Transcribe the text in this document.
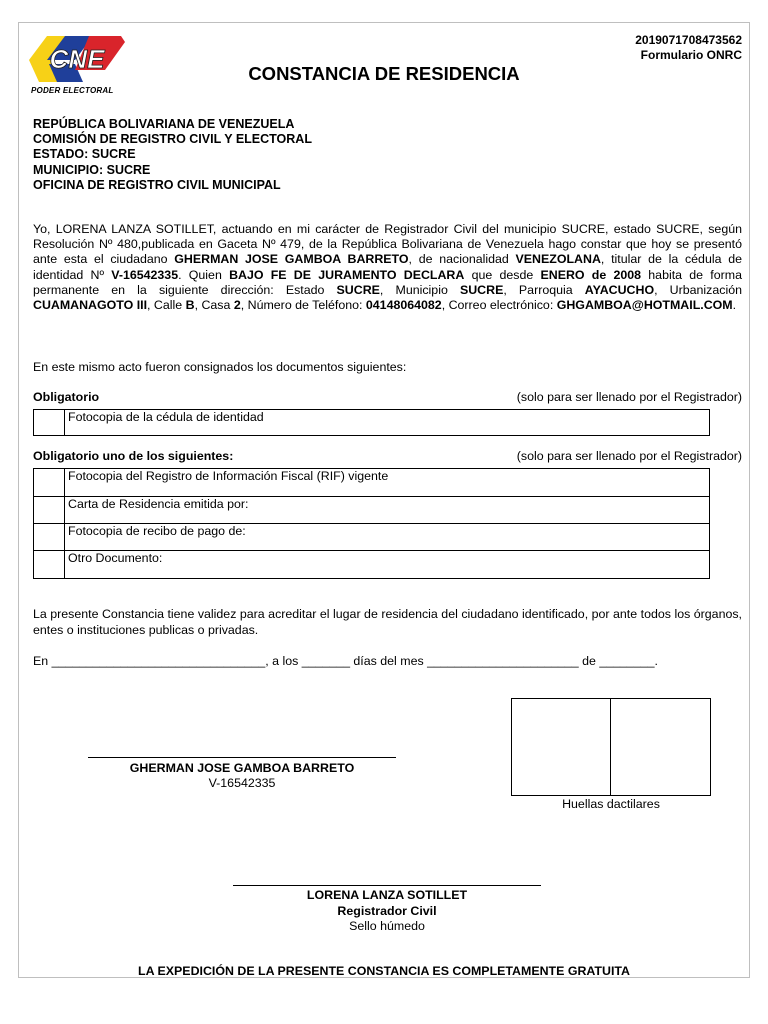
CNE
PODER ELECTORAL
2019071708473562
Formulario ONRC
CONSTANCIA DE RESIDENCIA
REPÚBLICA BOLIVARIANA DE VENEZUELA
COMISIÓN DE REGISTRO CIVIL Y ELECTORAL
ESTADO: SUCRE
MUNICIPIO: SUCRE
OFICINA DE REGISTRO CIVIL MUNICIPAL
Yo, LORENA LANZA SOTILLET, actuando en mi carácter de Registrador Civil del municipio SUCRE, estado SUCRE, según Resolución Nº 480,publicada en Gaceta Nº 479, de la República Bolivariana de Venezuela hago constar que hoy se presentó ante esta el ciudadano GHERMAN JOSE GAMBOA BARRETO, de nacionalidad VENEZOLANA, titular de la cédula de identidad Nº V-16542335. Quien BAJO FE DE JURAMENTO DECLARA que desde ENERO de 2008 habita de forma permanente en la siguiente dirección: Estado SUCRE, Municipio SUCRE, Parroquia AYACUCHO, Urbanización CUAMANAGOTO III, Calle B, Casa 2, Número de Teléfono: 04148064082, Correo electrónico: GHGAMBOA@HOTMAIL.COM.
En este mismo acto fueron consignados los documentos siguientes:
Obligatorio	(solo para ser llenado por el Registrador)
	Fotocopia de la cédula de identidad
Obligatorio uno de los siguientes:	(solo para ser llenado por el Registrador)
	Fotocopia del Registro de Información Fiscal (RIF) vigente
	Carta de Residencia emitida por:
	Fotocopia de recibo de pago de:
	Otro Documento:
La presente Constancia tiene validez para acreditar el lugar de residencia del ciudadano identificado, por ante todos los órganos, entes o instituciones publicas o privadas.
En _______________________________, a los _______ días del mes ______________________ de ________.
GHERMAN JOSE GAMBOA BARRETO
V-16542335
Huellas dactilares
LORENA LANZA SOTILLET
Registrador Civil
Sello húmedo
LA EXPEDICIÓN DE LA PRESENTE CONSTANCIA ES COMPLETAMENTE GRATUITA
